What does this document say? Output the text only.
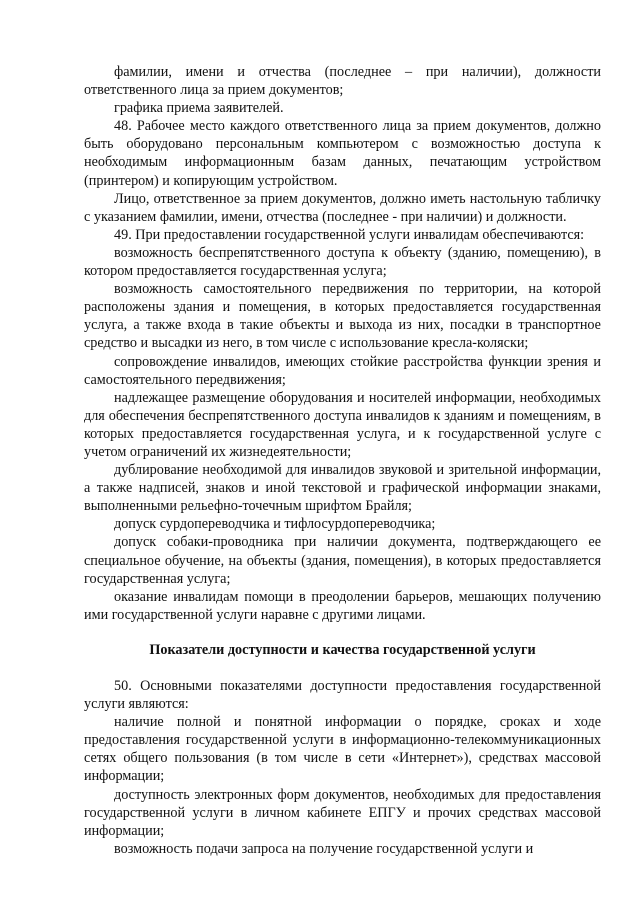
фамилии, имени и отчества (последнее – при наличии), должности ответственного лица за прием документов;

графика приема заявителей.

48. Рабочее место каждого ответственного лица за прием документов, должно быть оборудовано персональным компьютером с возможностью доступа к необходимым информационным базам данных, печатающим устройством (принтером) и копирующим устройством.

Лицо, ответственное за прием документов, должно иметь настольную табличку с указанием фамилии, имени, отчества (последнее - при наличии) и должности.

49. При предоставлении государственной услуги инвалидам обеспечиваются:

возможность беспрепятственного доступа к объекту (зданию, помещению), в котором предоставляется государственная услуга;

возможность самостоятельного передвижения по территории, на которой расположены здания и помещения, в которых предоставляется государственная услуга, а также входа в такие объекты и выхода из них, посадки в транспортное средство и высадки из него, в том числе с использование кресла-коляски;

сопровождение инвалидов, имеющих стойкие расстройства функции зрения и самостоятельного передвижения;

надлежащее размещение оборудования и носителей информации, необходимых для обеспечения беспрепятственного доступа инвалидов к зданиям и помещениям, в которых предоставляется государственная услуга, и к государственной услуге с учетом ограничений их жизнедеятельности;

дублирование необходимой для инвалидов звуковой и зрительной информации, а также надписей, знаков и иной текстовой и графической информации знаками, выполненными рельефно-точечным шрифтом Брайля;

допуск сурдопереводчика и тифлосурдопереводчика;

допуск собаки-проводника при наличии документа, подтверждающего ее специальное обучение, на объекты (здания, помещения), в которых предоставляется государственная услуга;

оказание инвалидам помощи в преодолении барьеров, мешающих получению ими государственной услуги наравне с другими лицами.

Показатели доступности и качества государственной услуги

50. Основными показателями доступности предоставления государственной услуги являются:

наличие полной и понятной информации о порядке, сроках и ходе предоставления государственной услуги в информационно-телекоммуникационных сетях общего пользования (в том числе в сети «Интернет»), средствах массовой информации;

доступность электронных форм документов, необходимых для предоставления государственной услуги в личном кабинете ЕПГУ и прочих средствах массовой информации;

возможность подачи запроса на получение государственной услуги и
